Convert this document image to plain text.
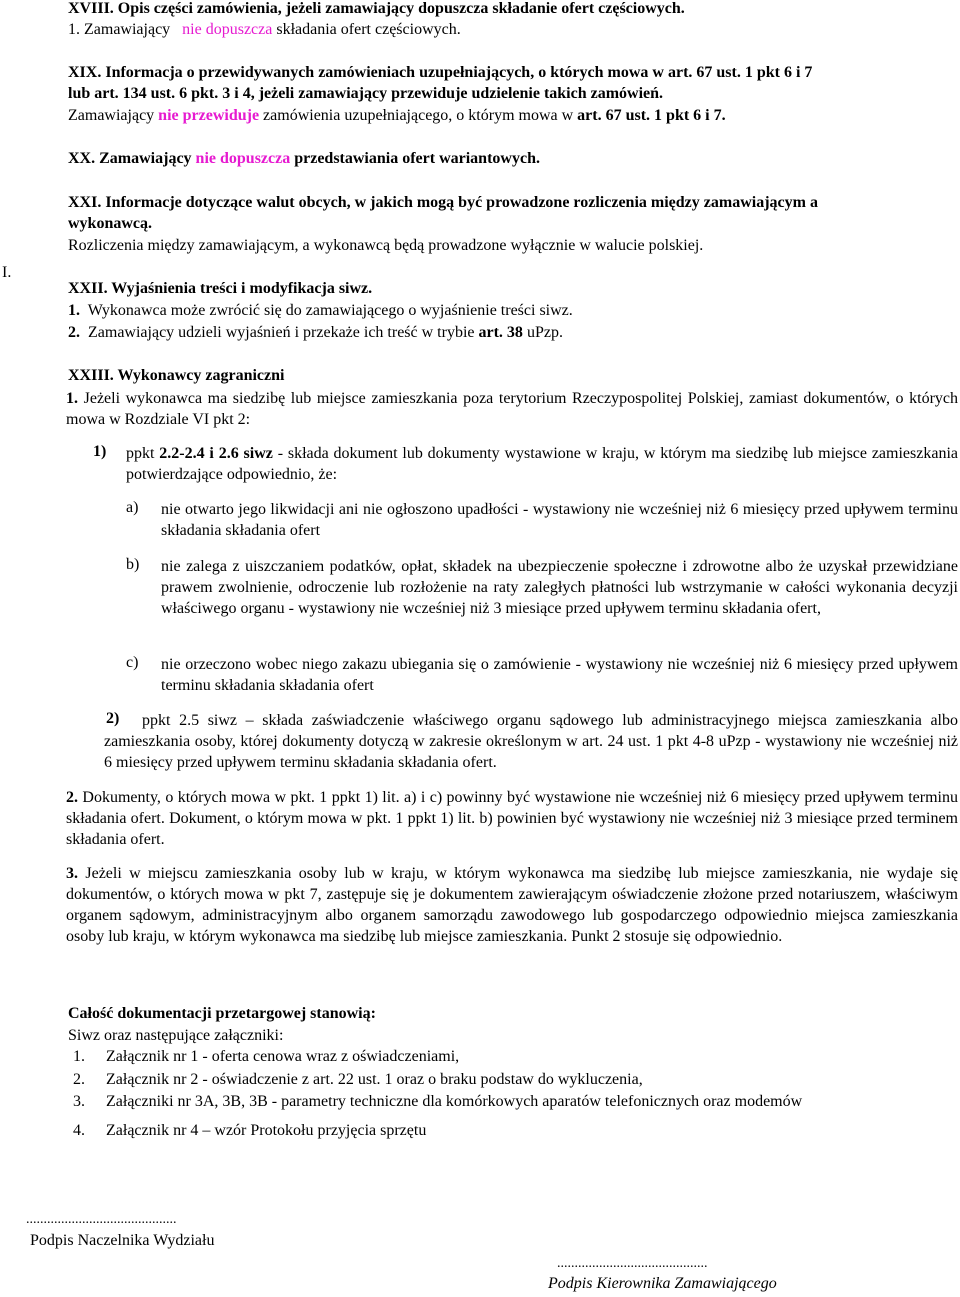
I.
XVIII. Opis części zamówienia, jeżeli zamawiający dopuszcza składanie ofert częściowych.
1. Zamawiający nie dopuszcza składania ofert częściowych.
XIX. Informacja o przewidywanych zamówieniach uzupełniających, o których mowa w art. 67 ust. 1 pkt 6 i 7
lub art. 134 ust. 6 pkt. 3 i 4, jeżeli zamawiający przewiduje udzielenie takich zamówień.
Zamawiający nie przewiduje zamówienia uzupełniającego, o którym mowa w art. 67 ust. 1 pkt 6 i 7.
XX. Zamawiający nie dopuszcza przedstawiania ofert wariantowych.
XXI. Informacje dotyczące walut obcych, w jakich mogą być prowadzone rozliczenia między zamawiającym a
wykonawcą.
Rozliczenia między zamawiającym, a wykonawcą będą prowadzone wyłącznie w walucie polskiej.
XXII. Wyjaśnienia treści i modyfikacja siwz.
1. Wykonawca może zwrócić się do zamawiającego o wyjaśnienie treści siwz.
2. Zamawiający udzieli wyjaśnień i przekaże ich treść w trybie art. 38 uPzp.
XXIII. Wykonawcy zagraniczni
1. Jeżeli wykonawca ma siedzibę lub miejsce zamieszkania poza terytorium Rzeczypospolitej Polskiej, zamiast dokumentów, o których mowa w Rozdziale VI pkt 2:
1) ppkt 2.2-2.4 i 2.6 siwz - składa dokument lub dokumenty wystawione w kraju, w którym ma siedzibę lub miejsce zamieszkania potwierdzające odpowiednio, że:
a) nie otwarto jego likwidacji ani nie ogłoszono upadłości - wystawiony nie wcześniej niż 6 miesięcy przed upływem terminu składania składania ofert
b) nie zalega z uiszczaniem podatków, opłat, składek na ubezpieczenie społeczne i zdrowotne albo że uzyskał przewidziane prawem zwolnienie, odroczenie lub rozłożenie na raty zaległych płatności lub wstrzymanie w całości wykonania decyzji właściwego organu - wystawiony nie wcześniej niż 3 miesiące przed upływem terminu składania ofert,
c) nie orzeczono wobec niego zakazu ubiegania się o zamówienie - wystawiony nie wcześniej niż 6 miesięcy przed upływem terminu składania składania ofert
2)	ppkt 2.5 siwz – składa zaświadczenie właściwego organu sądowego lub administracyjnego miejsca zamieszkania albo zamieszkania osoby, której dokumenty dotyczą w zakresie określonym w art. 24 ust. 1 pkt 4-8 uPzp - wystawiony nie wcześniej niż 6 miesięcy przed upływem terminu składania składania ofert.
2. Dokumenty, o których mowa w pkt. 1 ppkt 1) lit. a) i c) powinny być wystawione nie wcześniej niż 6 miesięcy przed upływem terminu składania ofert. Dokument, o którym mowa w pkt. 1 ppkt 1) lit. b) powinien być wystawiony nie wcześniej niż 3 miesiące przed terminem składania ofert.
3. Jeżeli w miejscu zamieszkania osoby lub w kraju, w którym wykonawca ma siedzibę lub miejsce zamieszkania, nie wydaje się dokumentów, o których mowa w pkt 7, zastępuje się je dokumentem zawierającym oświadczenie złożone przed notariuszem, właściwym organem sądowym, administracyjnym albo organem samorządu zawodowego lub gospodarczego odpowiednio miejsca zamieszkania osoby lub kraju, w którym wykonawca ma siedzibę lub miejsce zamieszkania. Punkt 2 stosuje się odpowiednio.
Całość dokumentacji przetargowej stanowią:
Siwz oraz następujące załączniki:
1. Załącznik nr 1 - oferta cenowa wraz z oświadczeniami,
2. Załącznik nr 2 - oświadczenie z art. 22 ust. 1 oraz o braku podstaw do wykluczenia,
3. Załączniki nr 3A, 3B, 3B - parametry techniczne dla komórkowych aparatów telefonicznych oraz modemów
4. Załącznik nr 4 – wzór Protokołu przyjęcia sprzętu
...........................................
Podpis Naczelnika Wydziału
...........................................
Podpis Kierownika Zamawiającego
